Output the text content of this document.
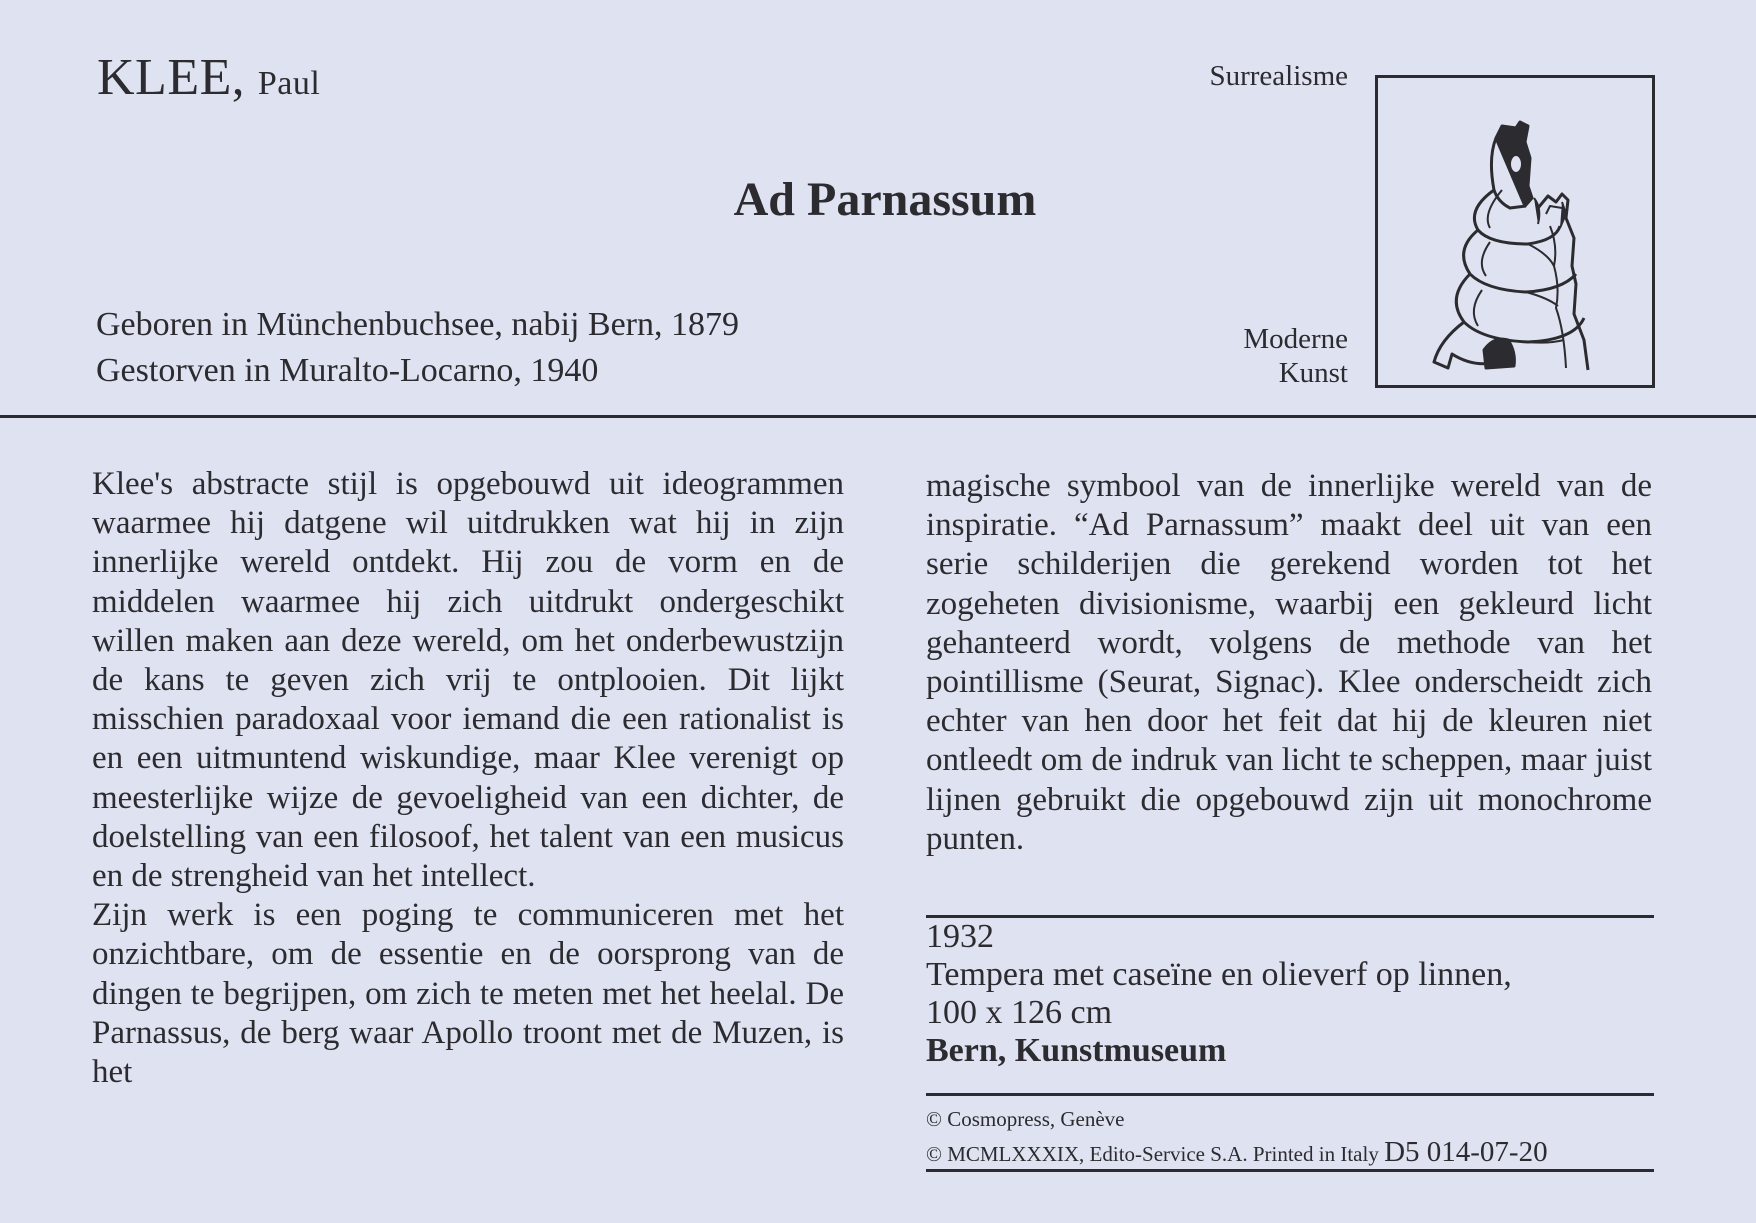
KLEE, Paul
Ad Parnassum
Geboren in Münchenbuchsee, nabij Bern, 1879
Gestorven in Muralto-Locarno, 1940
Surrealisme
Moderne
Kunst

Klee's abstracte stijl is opgebouwd uit ideogrammen waarmee hij datgene wil uitdrukken wat hij in zijn innerlijke wereld ontdekt. Hij zou de vorm en de middelen waarmee hij zich uitdrukt ondergeschikt willen maken aan deze wereld, om het onderbewustzijn de kans te geven zich vrij te ontplooien. Dit lijkt misschien paradoxaal voor iemand die een rationalist is en een uitmuntend wiskundige, maar Klee verenigt op meesterlijke wijze de gevoeligheid van een dichter, de doelstelling van een filosoof, het talent van een musicus en de strengheid van het intellect.

Zijn werk is een poging te communiceren met het onzichtbare, om de essentie en de oorsprong van de dingen te begrijpen, om zich te meten met het heelal. De Parnassus, de berg waar Apollo troont met de Muzen, is het

magische symbool van de innerlijke wereld van de inspiratie. “Ad Parnassum” maakt deel uit van een serie schilderijen die gerekend worden tot het zogeheten divisionisme, waarbij een gekleurd licht gehanteerd wordt, volgens de methode van het pointillisme (Seurat, Signac). Klee onderscheidt zich echter van hen door het feit dat hij de kleuren niet ontleedt om de indruk van licht te scheppen, maar juist lijnen gebruikt die opgebouwd zijn uit monochrome punten.

1932
Tempera met caseïne en olieverf op linnen,
100 x 126 cm
Bern, Kunstmuseum
© Cosmopress, Genève
© MCMLXXXIX, Edito-Service S.A. Printed in Italy D5 014-07-20
